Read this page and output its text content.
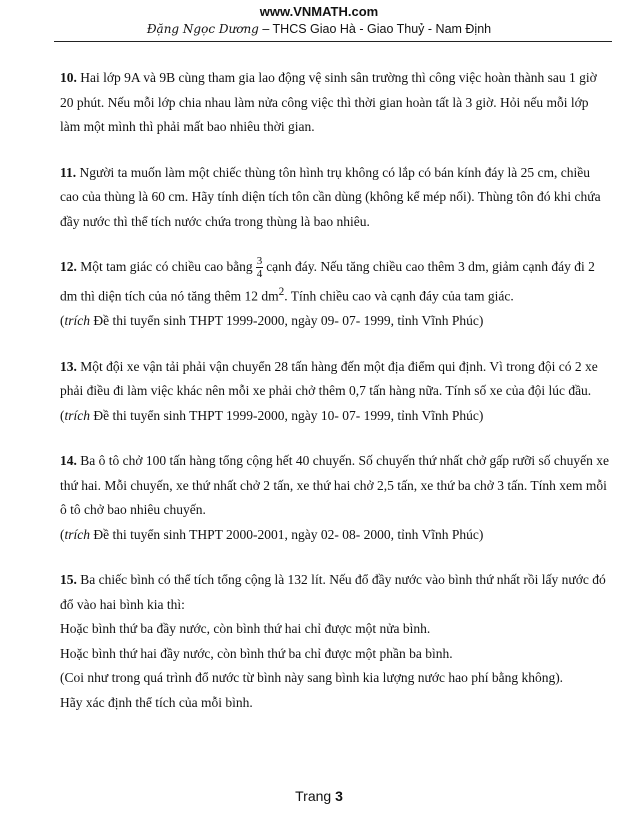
www.VNMATH.com
Đặng Ngọc Dương – THCS Giao Hà - Giao Thuỷ - Nam Định

10. Hai lớp 9A và 9B cùng tham gia lao động vệ sinh sân trường thì công việc hoàn thành sau 1 giờ 20 phút. Nếu mỗi lớp chia nhau làm nửa công việc thì thời gian hoàn tất là 3 giờ. Hỏi nếu mỗi lớp làm một mình thì phải mất bao nhiêu thời gian.

11. Người ta muốn làm một chiếc thùng tôn hình trụ không có lắp có bán kính đáy là 25 cm, chiều cao của thùng là 60 cm. Hãy tính diện tích tôn cần dùng (không kể mép nối). Thùng tôn đó khi chứa đầy nước thì thể tích nước chứa trong thùng là bao nhiêu.

12. Một tam giác có chiều cao bằng $\frac{3}{4}$ cạnh đáy. Nếu tăng chiều cao thêm 3 dm, giảm cạnh đáy đi 2 dm thì diện tích của nó tăng thêm 12 $dm^2$. Tính chiều cao và cạnh đáy của tam giác.

(trích Đề thi tuyển sinh THPT 1999-2000, ngày 09- 07- 1999, tỉnh Vĩnh Phúc)

13. Một đội xe vận tải phải vận chuyển 28 tấn hàng đến một địa điểm qui định. Vì trong đội có 2 xe phải điều đi làm việc khác nên mỗi xe phải chở thêm 0,7 tấn hàng nữa. Tính số xe của đội lúc đầu.

(trích Đề thi tuyển sinh THPT 1999-2000, ngày 10- 07- 1999, tỉnh Vĩnh Phúc)

14. Ba ô tô chở 100 tấn hàng tổng cộng hết 40 chuyến. Số chuyến thứ nhất chở gấp rưỡi số chuyến xe thứ hai. Mỗi chuyến, xe thứ nhất chở 2 tấn, xe thứ hai chở 2,5 tấn, xe thứ ba chở 3 tấn. Tính xem mỗi ô tô chở bao nhiêu chuyến.

(trích Đề thi tuyển sinh THPT 2000-2001, ngày 02- 08- 2000, tỉnh Vĩnh Phúc)

15. Ba chiếc bình có thể tích tổng cộng là 132 lít. Nếu đổ đầy nước vào bình thứ nhất rồi lấy nước đó đổ vào hai bình kia thì:

Hoặc bình thứ ba đầy nước, còn bình thứ hai chỉ được một nửa bình.

Hoặc bình thứ hai đầy nước, còn bình thứ ba chỉ được một phần ba bình.

(Coi như trong quá trình đổ nước từ bình này sang bình kia lượng nước hao phí bằng không).

Hãy xác định thể tích của mỗi bình.

Trang 3
